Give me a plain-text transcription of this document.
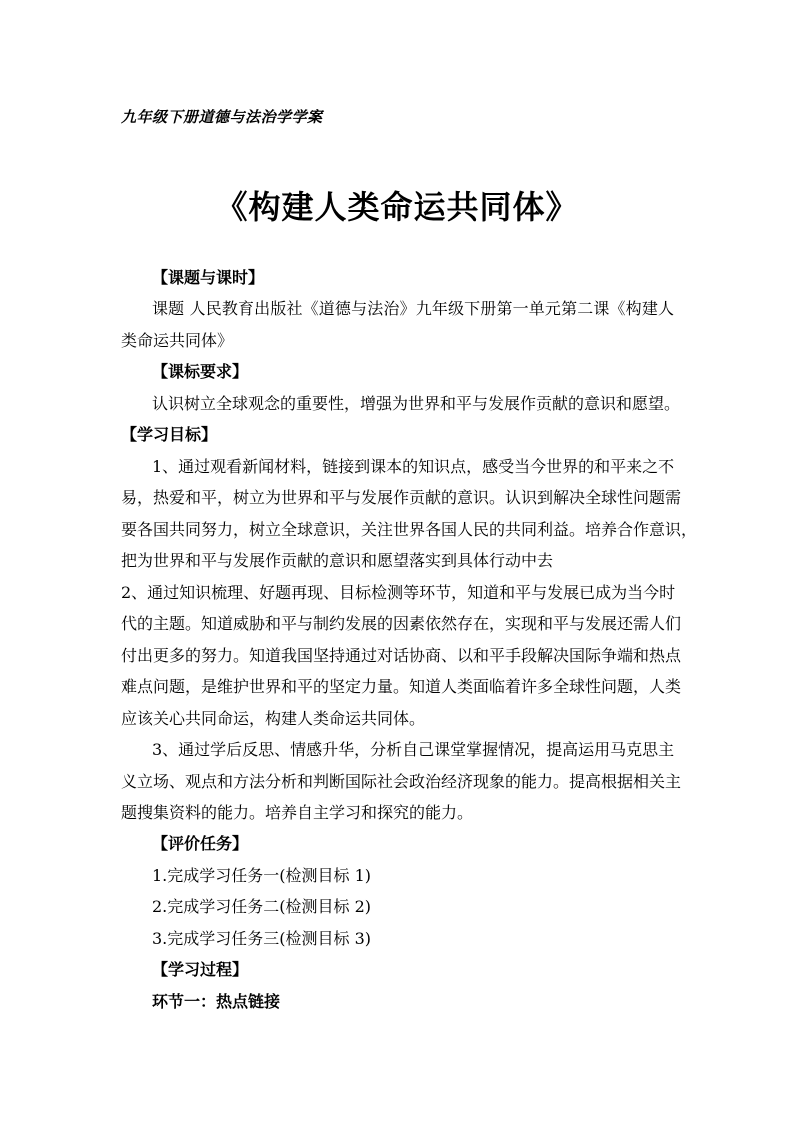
九年级下册道德与法治学学案
《构建人类命运共同体》
【课题与课时】
课题 人民教育出版社《道德与法治》九年级下册第一单元第二课《构建人
类命运共同体》
【课标要求】
认识树立全球观念的重要性，增强为世界和平与发展作贡献的意识和愿望。
【学习目标】
1、通过观看新闻材料，链接到课本的知识点，感受当今世界的和平来之不
易，热爱和平，树立为世界和平与发展作贡献的意识。认识到解决全球性问题需
要各国共同努力，树立全球意识，关注世界各国人民的共同利益。培养合作意识，
把为世界和平与发展作贡献的意识和愿望落实到具体行动中去
2、通过知识梳理、好题再现、目标检测等环节，知道和平与发展已成为当今时
代的主题。知道威胁和平与制约发展的因素依然存在，实现和平与发展还需人们
付出更多的努力。知道我国坚持通过对话协商、以和平手段解决国际争端和热点
难点问题，是维护世界和平的坚定力量。知道人类面临着许多全球性问题，人类
应该关心共同命运，构建人类命运共同体。
3、通过学后反思、情感升华，分析自己课堂掌握情况，提高运用马克思主
义立场、观点和方法分析和判断国际社会政治经济现象的能力。提高根据相关主
题搜集资料的能力。培养自主学习和探究的能力。
【评价任务】
1.完成学习任务一(检测目标 1)
2.完成学习任务二(检测目标 2)
3.完成学习任务三(检测目标 3)
【学习过程】
环节一：热点链接
